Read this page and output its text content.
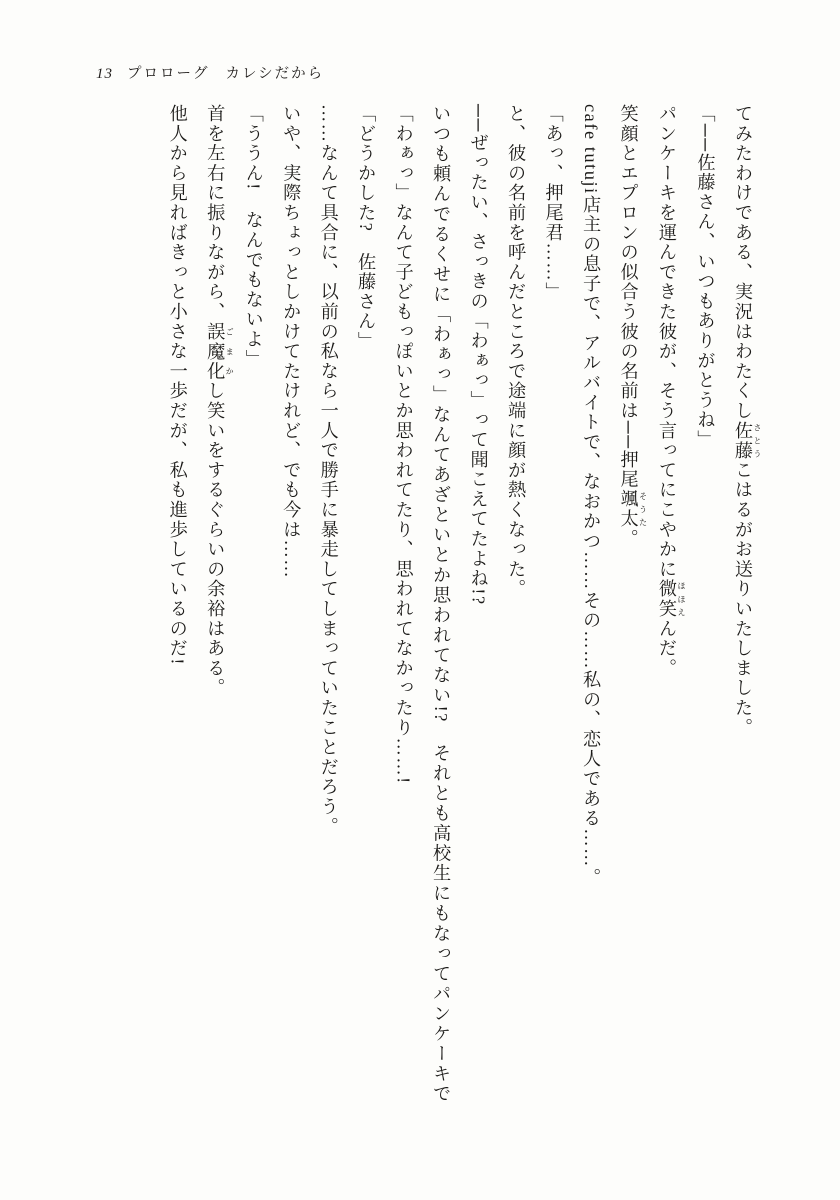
13 プロローグ カレシだから

てみたわけである、実況はわたくし佐藤 さとうこはるがお送りいたしました。

「──佐藤さん、いつもありがとうね」

パンケーキを運んできた彼が、そう言ってにこやかに微笑 ほほえんだ。

笑顔とエプロンの似合う彼の名前は──押尾颯太 そうた。

cafe tutuji店主の息子で、アルバイトで、なおかつ……その……私の、恋人である……。

「あっ、押尾君……」

と、彼の名前を呼んだところで途端に顔が熱くなった。

──ぜったい、さっきの「わぁっ」って聞こえてたよね!?

いつも頼んでるくせに「わぁっ」なんてあざといとか思われてない!?　それとも高校生にもなってパンケーキで「わぁっ」なんて子どもっぽいとか思われてたり、思われてなかったり……!

「どうかした?　佐藤さん」

……なんて具合に、以前の私なら一人で勝手に暴走してしまっていたことだろう。

いや、実際ちょっとしかけてたけれど、でも今は……

「ううん!　なんでもないよ」

首を左右に振りながら、誤魔化 ごまかし笑いをするぐらいの余裕はある。

他人から見ればきっと小さな一歩だが、私も進歩しているのだ!
